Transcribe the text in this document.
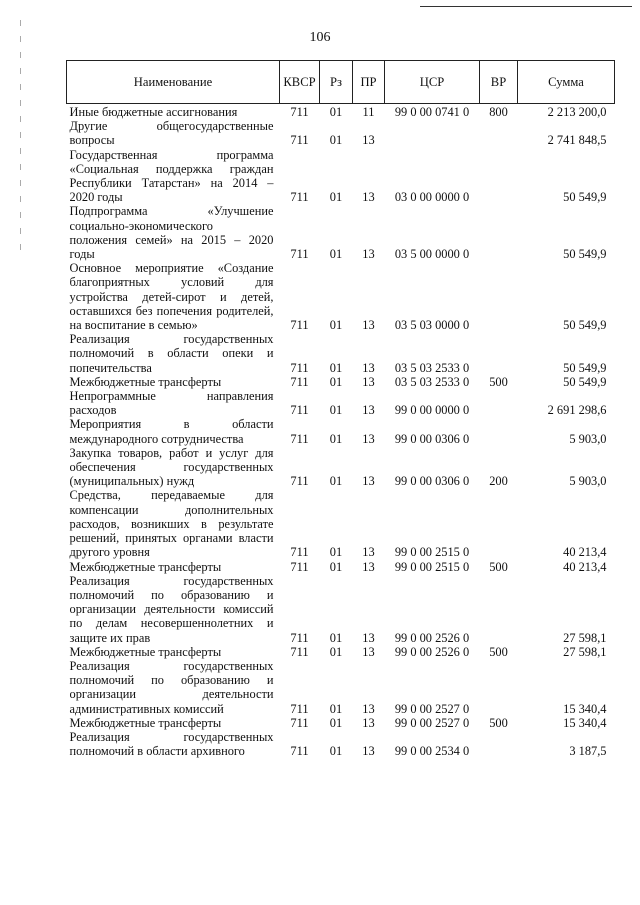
106
Наименование	КВСР	Рз	ПР	ЦСР	ВР	Сумма
Иные бюджетные ассигнования	711	01	11	99 0 00 0741 0	800	2 213 200,0
Другие общегосударственные вопросы	711	01	13			2 741 848,5
Государственная программа «Социальная поддержка граждан Республики Татарстан» на 2014 – 2020 годы	711	01	13	03 0 00 0000 0		50 549,9
Подпрограмма «Улучшение социально-экономического положения семей» на 2015 – 2020 годы	711	01	13	03 5 00 0000 0		50 549,9
Основное мероприятие «Создание благоприятных условий для устройства детей-сирот и детей, оставшихся без попечения родителей, на воспитание в семью»	711	01	13	03 5 03 0000 0		50 549,9
Реализация государственных полномочий в области опеки и попечительства	711	01	13	03 5 03 2533 0		50 549,9
Межбюджетные трансферты	711	01	13	03 5 03 2533 0	500	50 549,9
Непрограммные направления расходов	711	01	13	99 0 00 0000 0		2 691 298,6
Мероприятия в области международного сотрудничества	711	01	13	99 0 00 0306 0		5 903,0
Закупка товаров, работ и услуг для обеспечения государственных (муниципальных) нужд	711	01	13	99 0 00 0306 0	200	5 903,0
Средства, передаваемые для компенсации дополнительных расходов, возникших в результате решений, принятых органами власти другого уровня	711	01	13	99 0 00 2515 0		40 213,4
Межбюджетные трансферты	711	01	13	99 0 00 2515 0	500	40 213,4
Реализация государственных полномочий по образованию и организации деятельности комиссий по делам несовершеннолетних и защите их прав	711	01	13	99 0 00 2526 0		27 598,1
Межбюджетные трансферты	711	01	13	99 0 00 2526 0	500	27 598,1
Реализация государственных полномочий по образованию и организации деятельности административных комиссий	711	01	13	99 0 00 2527 0		15 340,4
Межбюджетные трансферты	711	01	13	99 0 00 2527 0	500	15 340,4
Реализация государственных полномочий в области архивного	711	01	13	99 0 00 2534 0		3 187,5
